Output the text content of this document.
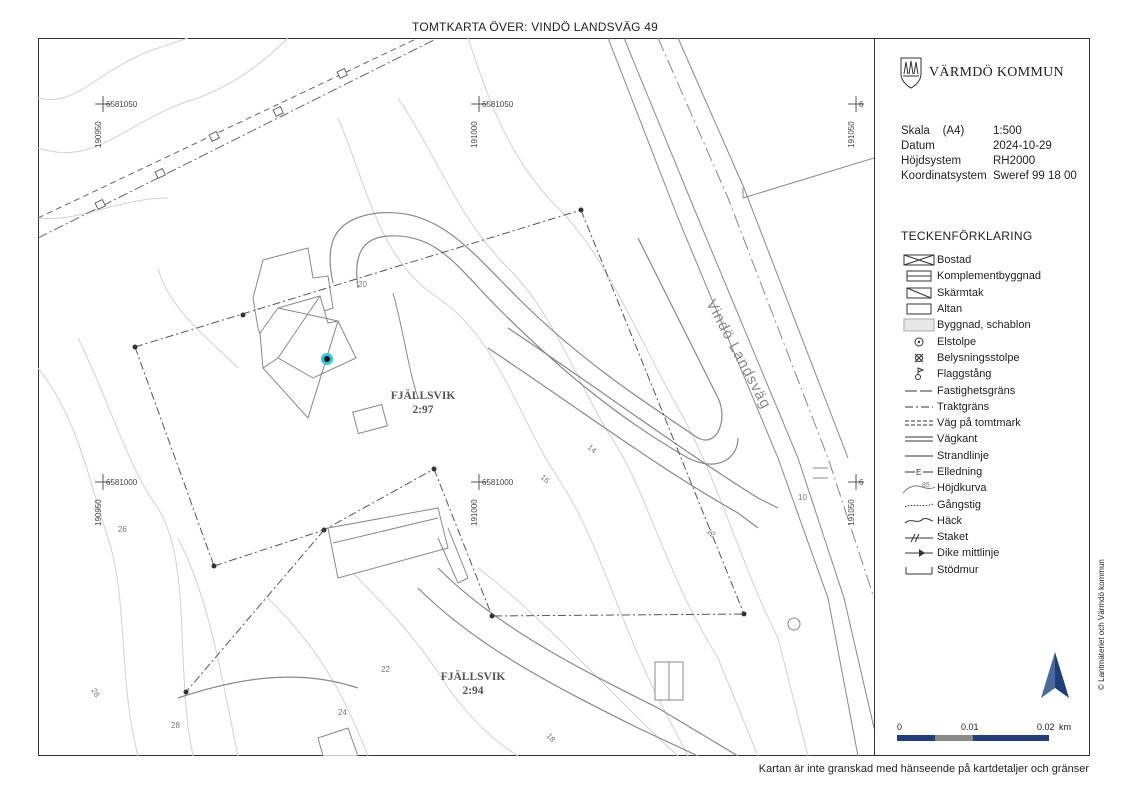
TOMTKARTA ÖVER: VINDÖ LANDSVÄG 49
Vindö Landsväg
6581050	6581050	6
6581000	6581000	6
190950	191000	191050
190950	191000	191050
20
14
16
12
10
26
22
24
28
28
18
FJÄLLSVIK
2:97
FJÄLLSVIK
2:94
VÄRMDÖ KOMMUN
Skala (A4)	1:500
Datum	2024-10-29
Höjdsystem	RH2000
Koordinatsystem Sweref 99 18 00
TECKENFÖRKLARING
Bostad
Komplementbyggnad
Skärmtak
Altan
Byggnad, schablon
Elstolpe
Belysningsstolpe
Flaggstång
Fastighetsgräns
Traktgräns
Väg på tomtmark
Vägkant
Strandlinje
E Elledning
85 Höjdkurva
Gångstig
Häck
Staket
Dike mittlinje
Stödmur
0	0.01	0.02 km
© Lantmäteriet och Värmdö kommun
Kartan är inte granskad med hänseende på kartdetaljer och gränser
